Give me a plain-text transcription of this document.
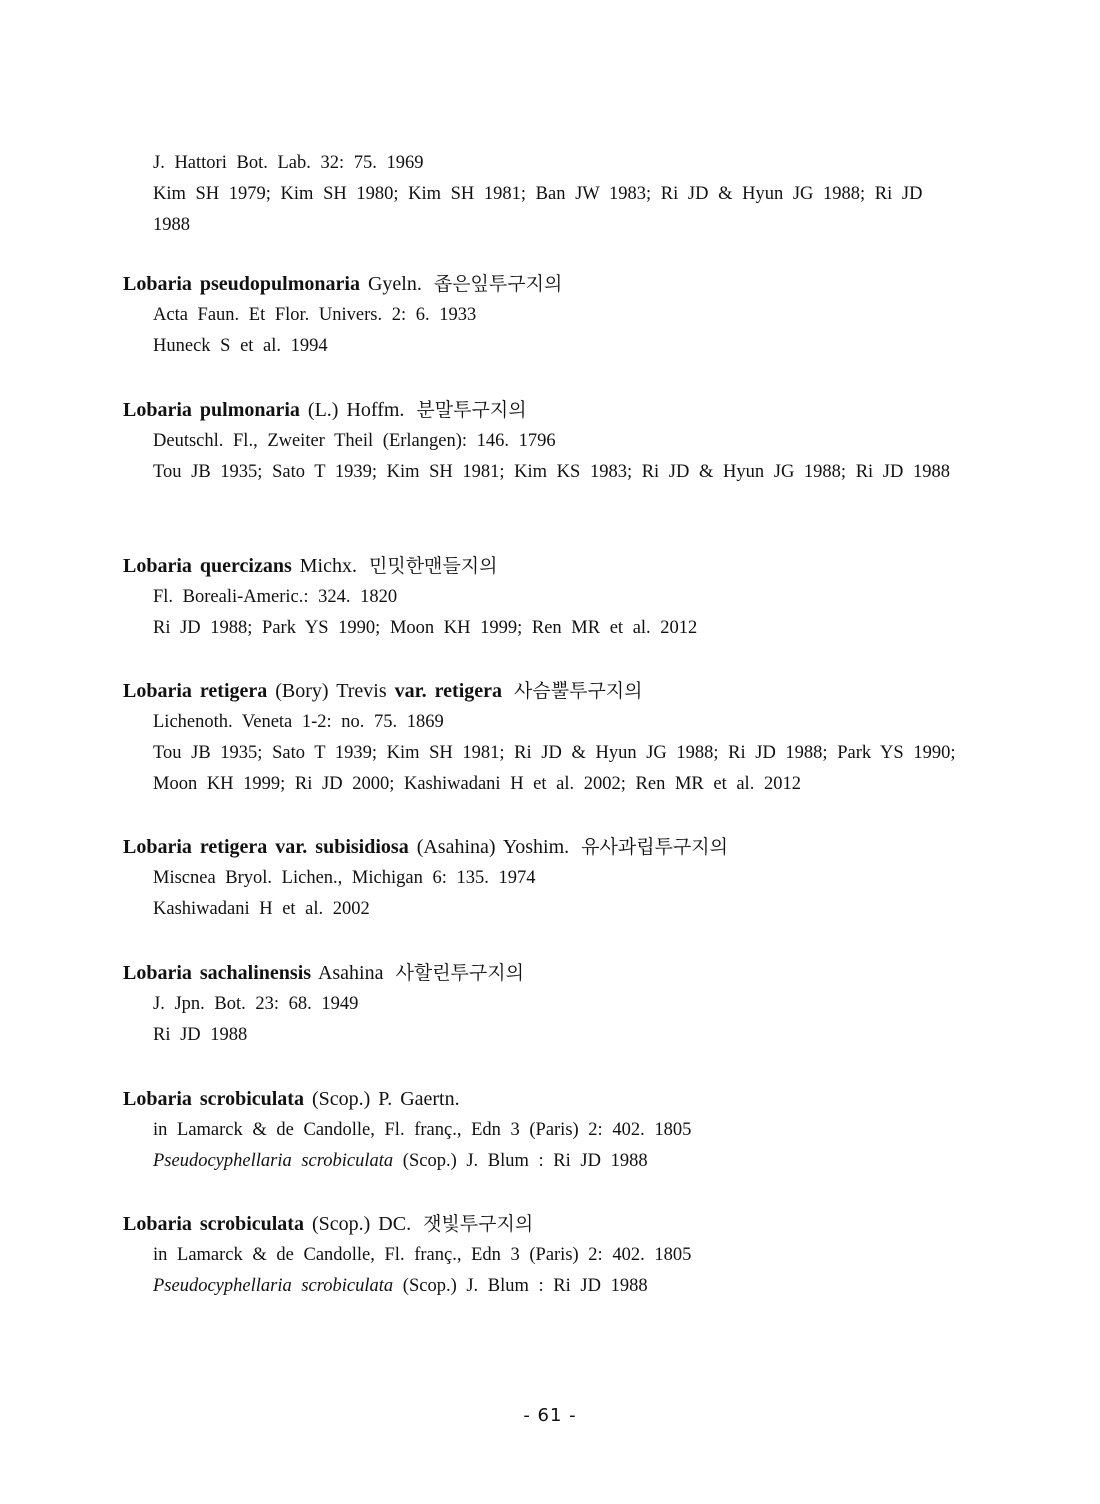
J. Hattori Bot. Lab. 32: 75. 1969
Kim SH 1979; Kim SH 1980; Kim SH 1981; Ban JW 1983; Ri JD & Hyun JG 1988; Ri JD 1988
Lobaria pseudopulmonaria Gyeln. 좁은잎투구지의
Acta Faun. Et Flor. Univers. 2: 6. 1933
Huneck S et al. 1994
Lobaria pulmonaria (L.) Hoffm. 분말투구지의
Deutschl. Fl., Zweiter Theil (Erlangen): 146. 1796
Tou JB 1935; Sato T 1939; Kim SH 1981; Kim KS 1983; Ri JD & Hyun JG 1988; Ri JD 1988
Lobaria quercizans Michx. 민밋한맨들지의
Fl. Boreali-Americ.: 324. 1820
Ri JD 1988; Park YS 1990; Moon KH 1999; Ren MR et al. 2012
Lobaria retigera (Bory) Trevis var. retigera 사슴뿔투구지의
Lichenoth. Veneta 1-2: no. 75. 1869
Tou JB 1935; Sato T 1939; Kim SH 1981; Ri JD & Hyun JG 1988; Ri JD 1988; Park YS 1990; Moon KH 1999; Ri JD 2000; Kashiwadani H et al. 2002; Ren MR et al. 2012
Lobaria retigera var. subisidiosa (Asahina) Yoshim. 유사과립투구지의
Miscnea Bryol. Lichen., Michigan 6: 135. 1974
Kashiwadani H et al. 2002
Lobaria sachalinensis Asahina 사할린투구지의
J. Jpn. Bot. 23: 68. 1949
Ri JD 1988
Lobaria scrobiculata (Scop.) P. Gaertn.
in Lamarck & de Candolle, Fl. franç., Edn 3 (Paris) 2: 402. 1805
Pseudocyphellaria scrobiculata (Scop.) J. Blum : Ri JD 1988
Lobaria scrobiculata (Scop.) DC. 잿빛투구지의
in Lamarck & de Candolle, Fl. franç., Edn 3 (Paris) 2: 402. 1805
Pseudocyphellaria scrobiculata (Scop.) J. Blum : Ri JD 1988
- 61 -
